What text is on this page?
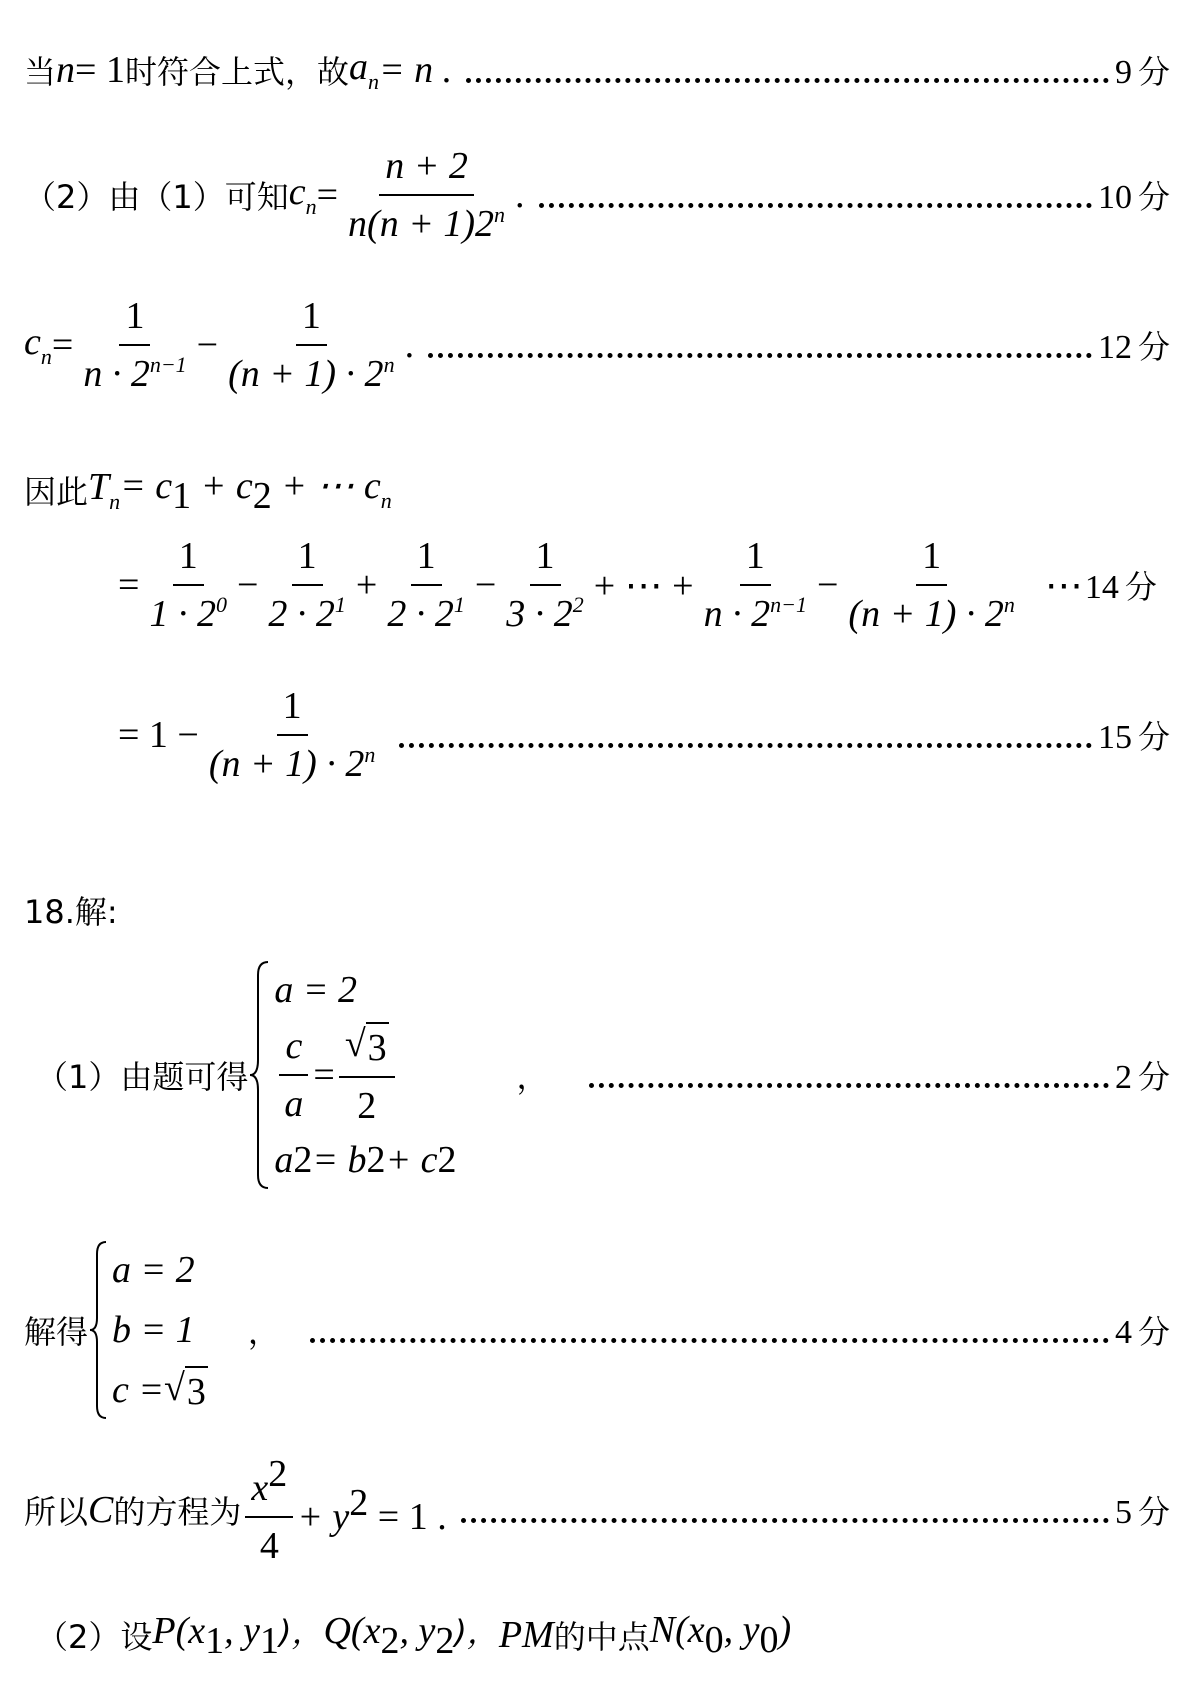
当 n = 1 时符合上式，故 $a_n = n$ .	9 分
（2）由（1）可知 $c_n = \frac{n + 2}{n(n + 1)2^n}$ .	10 分
$c_n = \frac{1}{n \cdot 2^{n-1}} - \frac{1}{(n + 1) \cdot 2^n}$ .	12 分
因此 $T_n = c_1 + c_2$ + ⋯ $c_n$
= $\frac{1}{1 \cdot 2^0} - \frac{1}{2 \cdot 2^1} + \frac{1}{2 \cdot 2^1} - \frac{1}{3 \cdot 2^2}$ + ⋯ + $\frac{1}{n \cdot 2^{n-1}} - \frac{1}{(n + 1) \cdot 2^n}$ ⋯ 14 分
= $1 - \frac{1}{(n + 1) \cdot 2^n}$	15 分
18.解:
（1）由题可得
a = 2
$\frac{c}{a} = \frac{√ 3}{2}$
a 2 = b 2 + c 2
，	2 分
解得
a = 2
b = 1
c = √ 3
，	4 分
所以 C 的方程为 $\frac{x^2}{4} + y^2 = 1$ .	5 分
（2）设 $P(x_1$, $y_1$)， $Q(x_2$, $y_2$)， PM 的中点 $N(x_0$, $y_0$)
